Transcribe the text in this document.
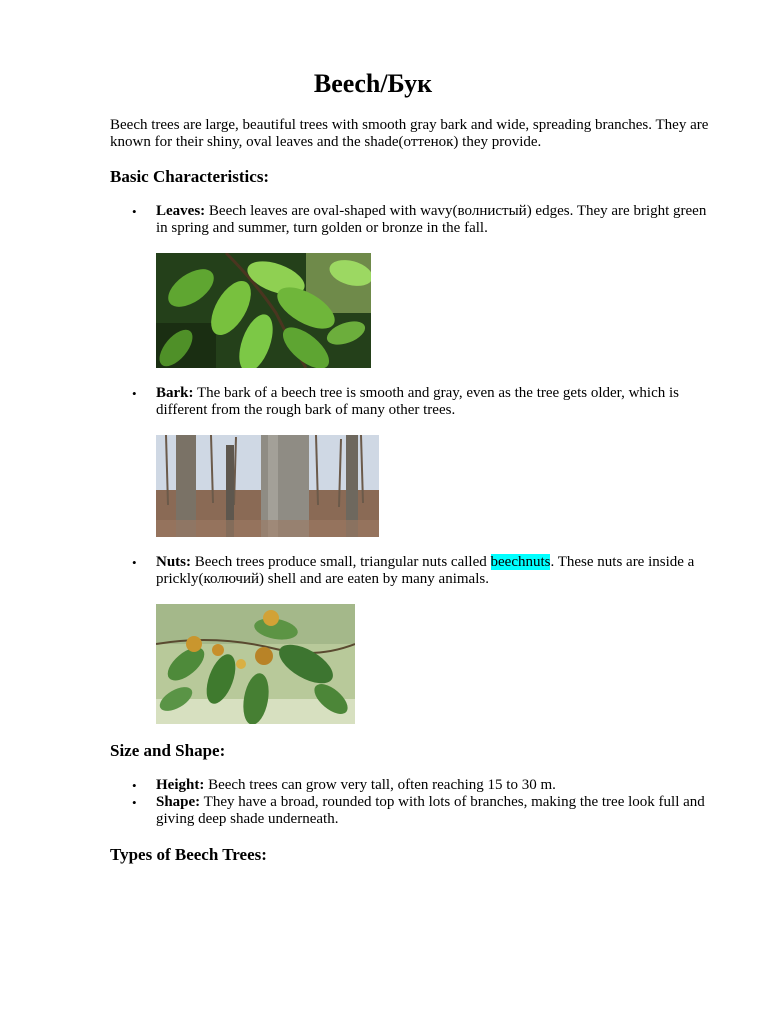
Beech/Бук

Beech trees are large, beautiful trees with smooth gray bark and wide, spreading branches. They are known for their shiny, oval leaves and the shade(оттенок) they provide.

Basic Characteristics:
• Leaves: Beech leaves are oval-shaped with wavy(волнистый) edges. They are bright green in spring and summer, turn golden or bronze in the fall.
• Bark: The bark of a beech tree is smooth and gray, even as the tree gets older, which is different from the rough bark of many other trees.
• Nuts: Beech trees produce small, triangular nuts called beechnuts. These nuts are inside a prickly(колючий) shell and are eaten by many animals.
Size and Shape:
• Height: Beech trees can grow very tall, often reaching 15 to 30 m.
• Shape: They have a broad, rounded top with lots of branches, making the tree look full and giving deep shade underneath.
Types of Beech Trees:
